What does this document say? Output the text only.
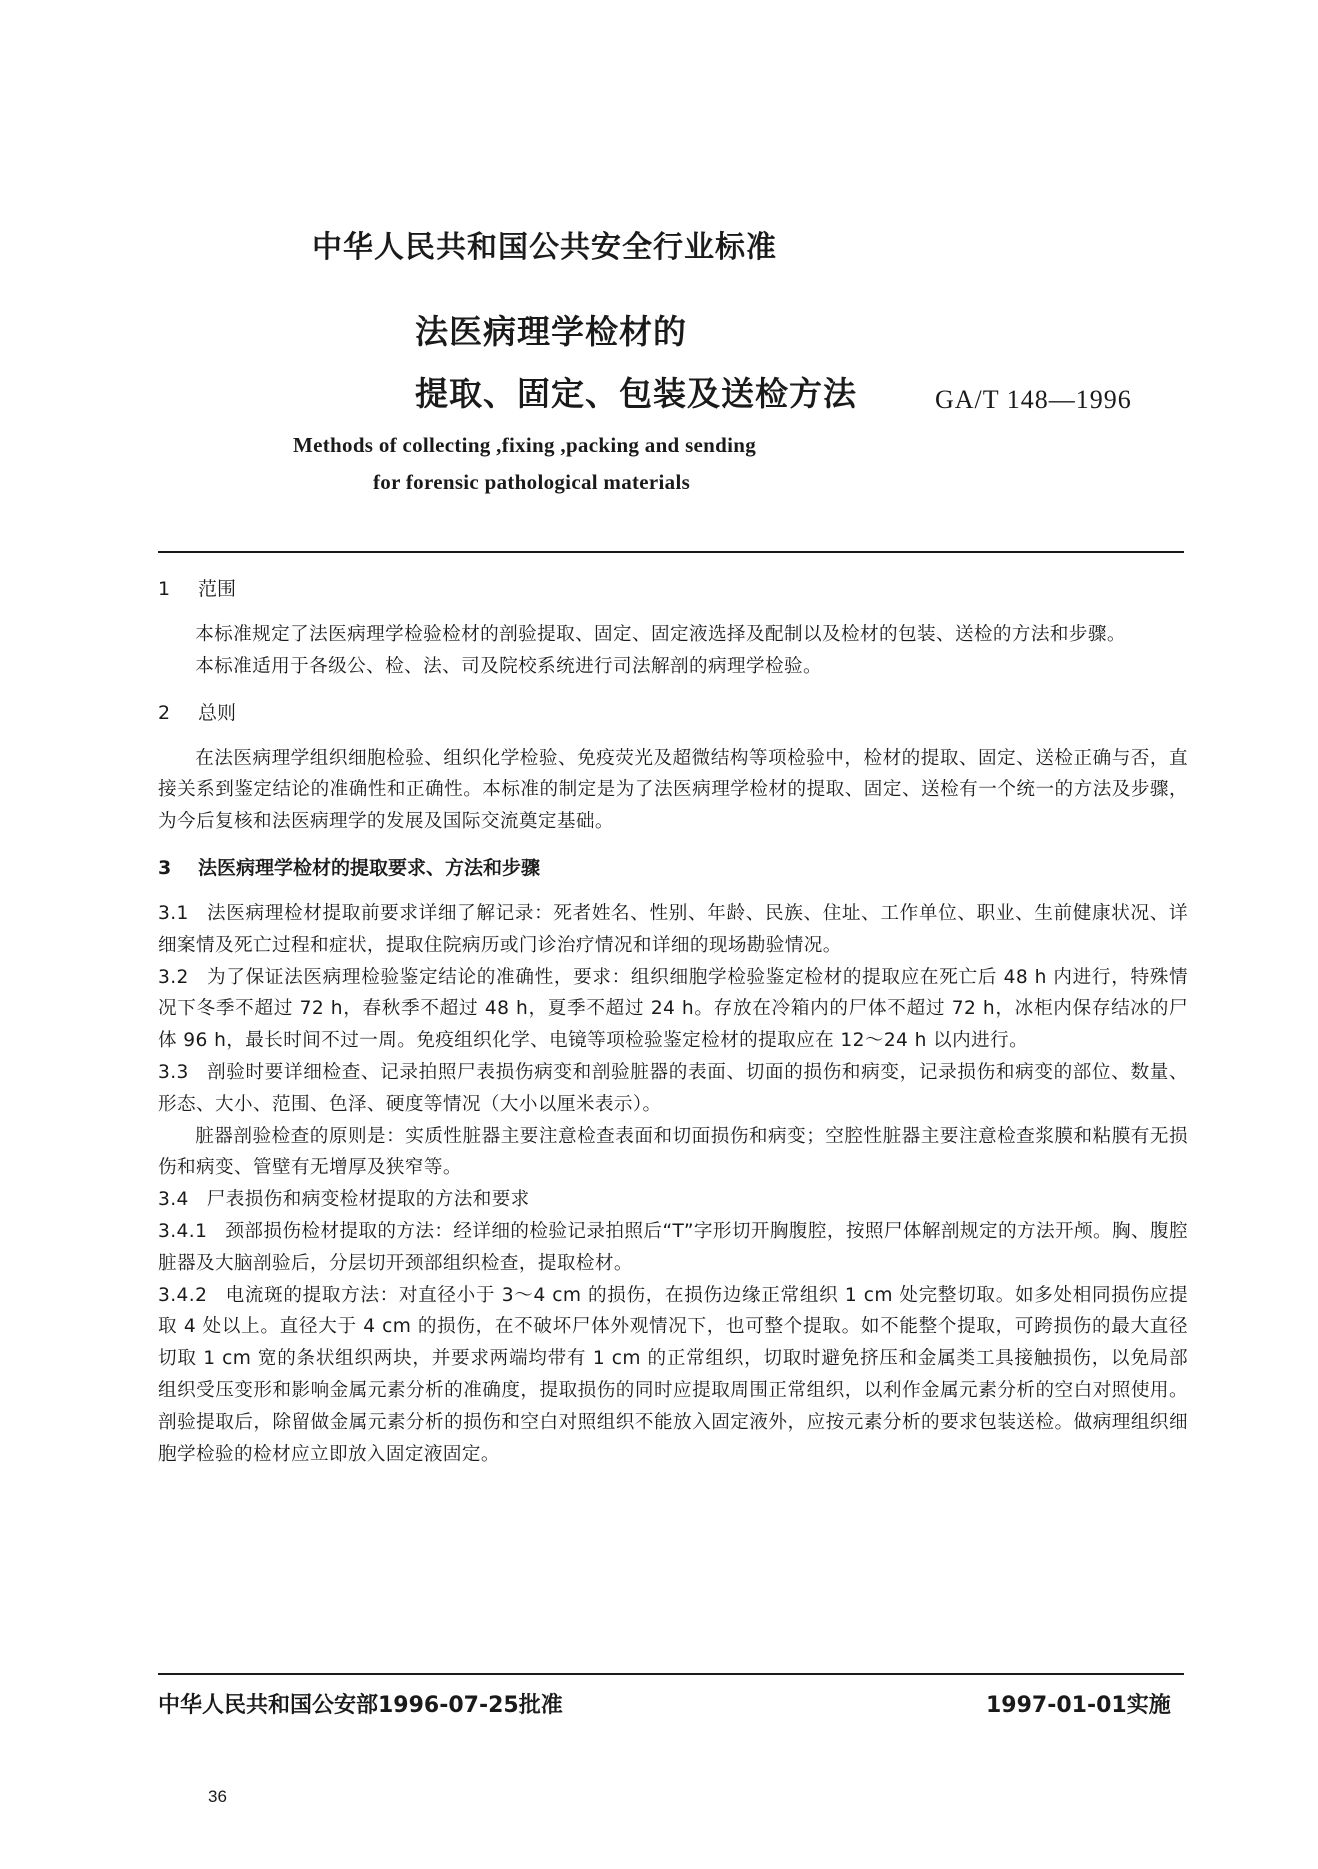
中华人民共和国公共安全行业标准
法医病理学检材的
提取、固定、包装及送检方法	GA/T 148—1996
Methods of collecting ,fixing ,packing and sending
for forensic pathological materials

1 范围

本标准规定了法医病理学检验检材的剖验提取、固定、固定液选择及配制以及检材的包装、送检的方法和步骤。

本标准适用于各级公、检、法、司及院校系统进行司法解剖的病理学检验。

2 总则

在法医病理学组织细胞检验、组织化学检验、免疫荧光及超微结构等项检验中，检材的提取、固定、送检正确与否，直接关系到鉴定结论的准确性和正确性。本标准的制定是为了法医病理学检材的提取、固定、送检有一个统一的方法及步骤，为今后复核和法医病理学的发展及国际交流奠定基础。

3 法医病理学检材的提取要求、方法和步骤

3.1 法医病理检材提取前要求详细了解记录：死者姓名、性别、年龄、民族、住址、工作单位、职业、生前健康状况、详细案情及死亡过程和症状，提取住院病历或门诊治疗情况和详细的现场勘验情况。

3.2 为了保证法医病理检验鉴定结论的准确性，要求：组织细胞学检验鉴定检材的提取应在死亡后 48 h 内进行，特殊情况下冬季不超过 72 h，春秋季不超过 48 h，夏季不超过 24 h。存放在冷箱内的尸体不超过 72 h，冰柜内保存结冰的尸体 96 h，最长时间不过一周。免疫组织化学、电镜等项检验鉴定检材的提取应在 12～24 h 以内进行。

3.3 剖验时要详细检查、记录拍照尸表损伤病变和剖验脏器的表面、切面的损伤和病变，记录损伤和病变的部位、数量、形态、大小、范围、色泽、硬度等情况（大小以厘米表示）。

脏器剖验检查的原则是：实质性脏器主要注意检查表面和切面损伤和病变；空腔性脏器主要注意检查浆膜和粘膜有无损伤和病变、管壁有无增厚及狭窄等。

3.4 尸表损伤和病变检材提取的方法和要求

3.4.1 颈部损伤检材提取的方法：经详细的检验记录拍照后“T”字形切开胸腹腔，按照尸体解剖规定的方法开颅。胸、腹腔脏器及大脑剖验后，分层切开颈部组织检查，提取检材。

3.4.2 电流斑的提取方法：对直径小于 3～4 cm 的损伤，在损伤边缘正常组织 1 cm 处完整切取。如多处相同损伤应提取 4 处以上。直径大于 4 cm 的损伤，在不破坏尸体外观情况下，也可整个提取。如不能整个提取，可跨损伤的最大直径切取 1 cm 宽的条状组织两块，并要求两端均带有 1 cm 的正常组织，切取时避免挤压和金属类工具接触损伤，以免局部组织受压变形和影响金属元素分析的准确度，提取损伤的同时应提取周围正常组织，以利作金属元素分析的空白对照使用。剖验提取后，除留做金属元素分析的损伤和空白对照组织不能放入固定液外，应按元素分析的要求包装送检。做病理组织细胞学检验的检材应立即放入固定液固定。

中华人民共和国公安部1996-07-25批准	1997-01-01实施
36
